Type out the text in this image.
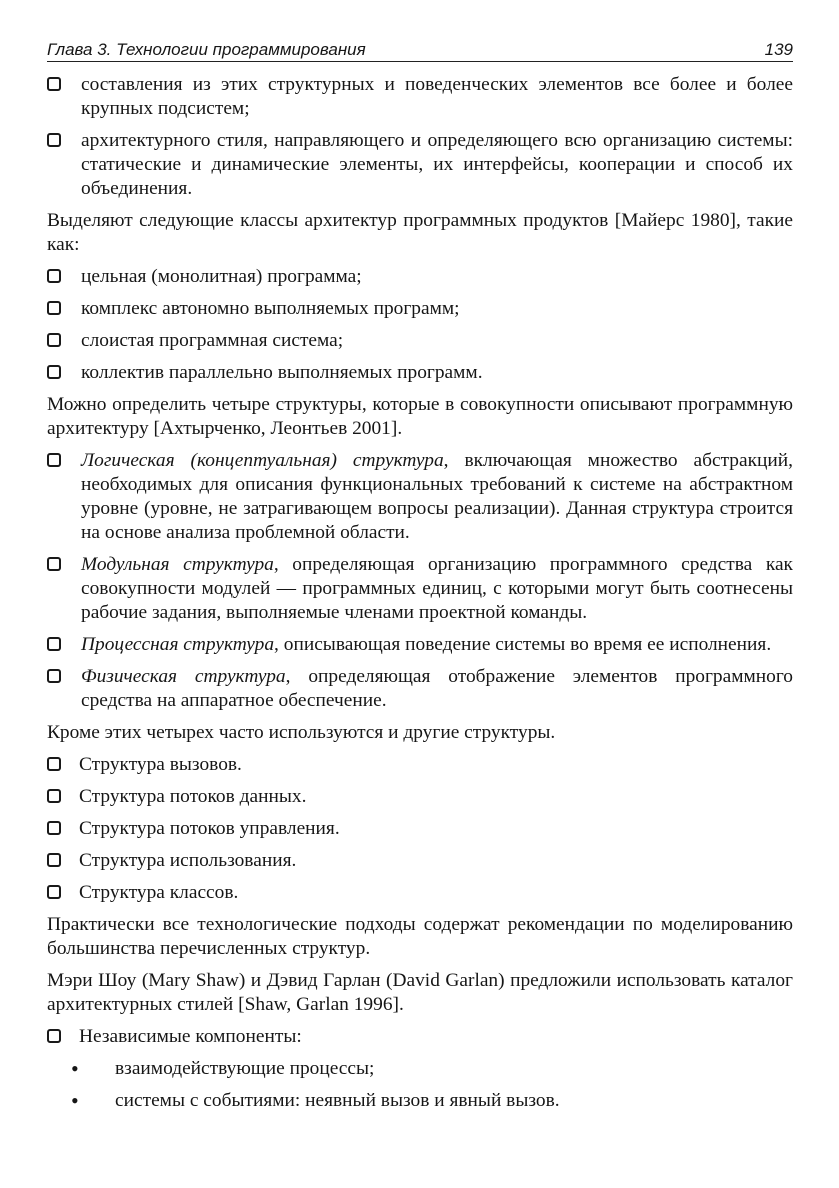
Глава 3. Технологии программирования	139
составления из этих структурных и поведенческих элементов все более и более крупных подсистем;
архитектурного стиля, направляющего и определяющего всю организацию системы: статические и динамические элементы, их интерфейсы, кооперации и способ их объединения.

Выделяют следующие классы архитектур программных продуктов [Майерс 1980], такие как:

цельная (монолитная) программа;
комплекс автономно выполняемых программ;
слоистая программная система;
коллектив параллельно выполняемых программ.

Можно определить четыре структуры, которые в совокупности описывают программную архитектуру [Ахтырченко, Леонтьев 2001].

Логическая (концептуальная) структура, включающая множество абстракций, необходимых для описания функциональных требований к системе на абстрактном уровне (уровне, не затрагивающем вопросы реализации). Данная структура строится на основе анализа проблемной области.
Модульная структура, определяющая организацию программного средства как совокупности модулей — программных единиц, с которыми могут быть соотнесены рабочие задания, выполняемые членами проектной команды.
Процессная структура, описывающая поведение системы во время ее исполнения.
Физическая структура, определяющая отображение элементов программного средства на аппаратное обеспечение.

Кроме этих четырех часто используются и другие структуры.

Структура вызовов.
Структура потоков данных.
Структура потоков управления.
Структура использования.
Структура классов.

Практически все технологические подходы содержат рекомендации по моделированию большинства перечисленных структур.

Мэри Шоу (Mary Shaw) и Дэвид Гарлан (David Garlan) предложили использовать каталог архитектурных стилей [Shaw, Garlan 1996].

Независимые компоненты:
•	взаимодействующие процессы;
•	системы с событиями: неявный вызов и явный вызов.
